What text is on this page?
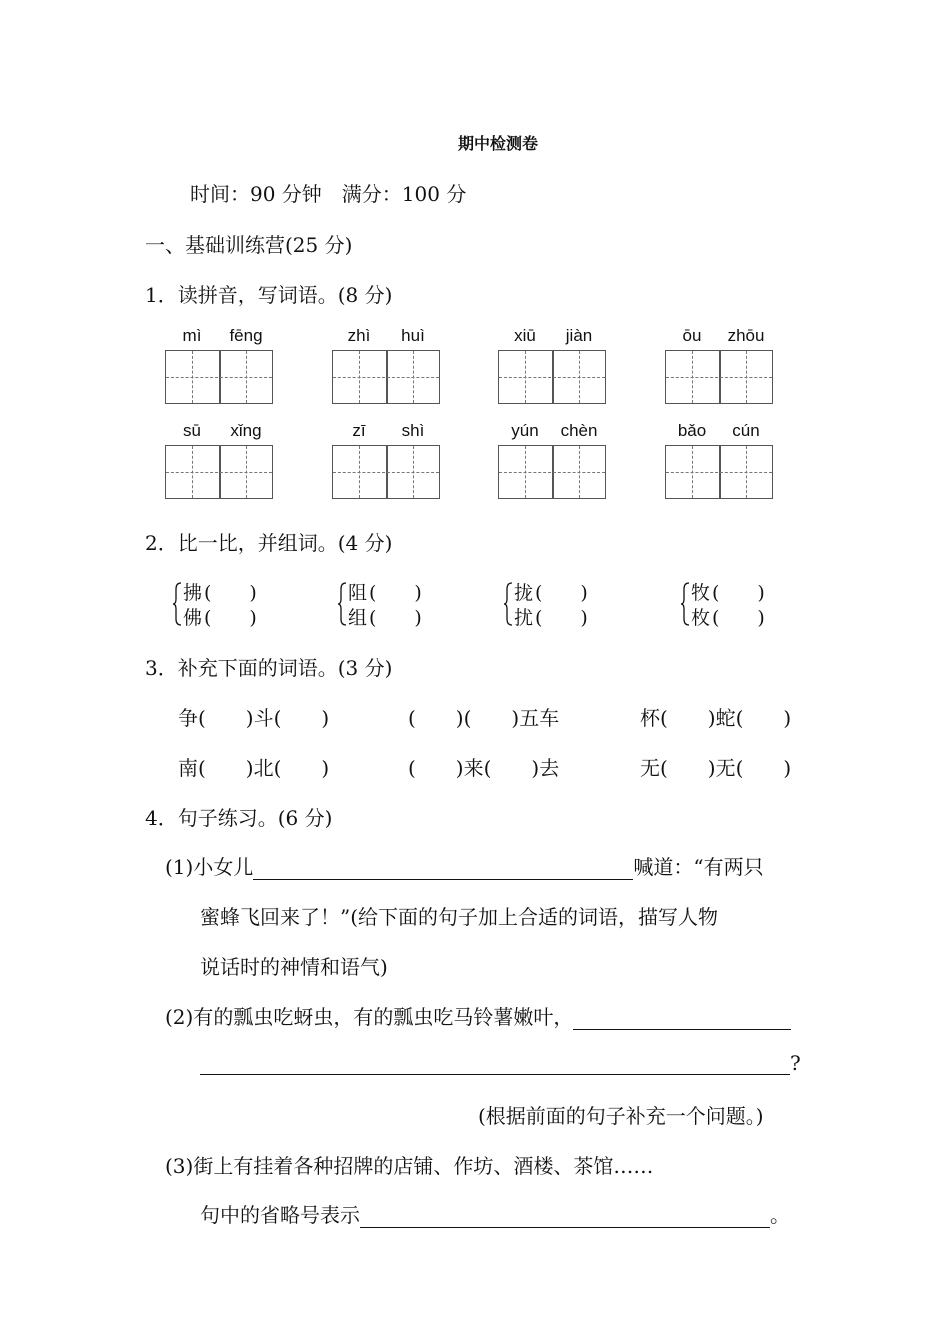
期中检测卷
时间：90 分钟　满分：100 分
一、基础训练营(25 分)
1．读拼音，写词语。(8 分)
mì	fēng	zhì	huì	xiū	jiàn	ōu	zhōu
sū	xǐng	zī	shì	yún	chèn	bǎo	cún
2．比一比，并组词。(4 分)
拂 (　　)
佛 (　　)
阻 (　　)
组 (　　)
拢 (　　)
扰 (　　)
牧 (　　)
枚 (　　)
3．补充下面的词语。(3 分)
争(　　)斗(　　)	(　　)(　　)五车	杯(　　)蛇(　　)
南(　　)北(　　)	(　　)来(　　)去	无(　　)无(　　)
4．句子练习。(6 分)
(1)小女儿	喊道：“有两只
蜜蜂飞回来了！”(给下面的句子加上合适的词语，描写人物
说话时的神情和语气)
(2)有的瓢虫吃蚜虫，有的瓢虫吃马铃薯嫩叶，
?
(根据前面的句子补充一个问题。)
(3)街上有挂着各种招牌的店铺、作坊、酒楼、茶馆……
句中的省略号表示	。
